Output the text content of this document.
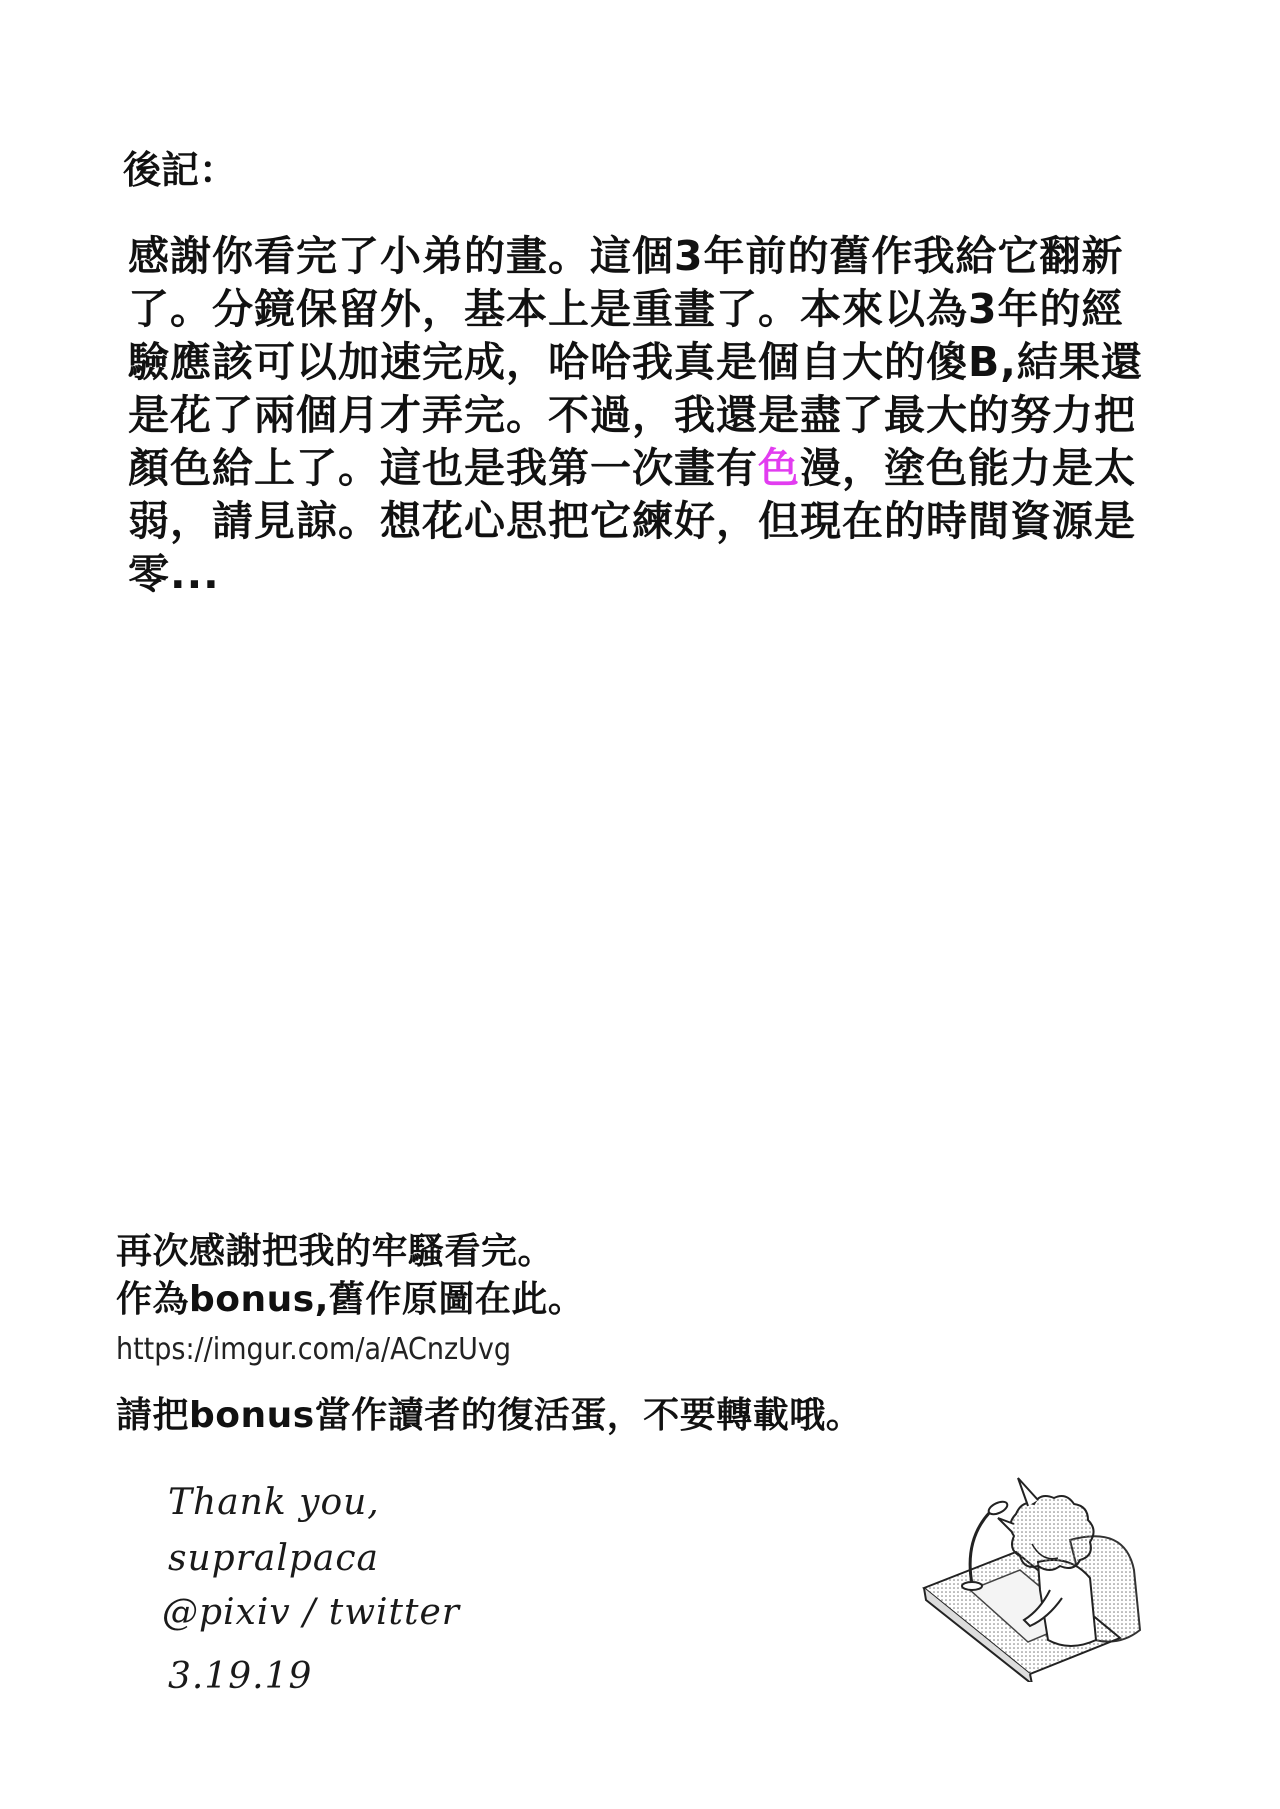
後記：
感謝你看完了小弟的畫。這個3年前的舊作我給它翻新
了。分鏡保留外，基本上是重畫了。本來以為3年的經
驗應該可以加速完成，哈哈我真是個自大的傻B,結果還
是花了兩個月才弄完。不過，我還是盡了最大的努力把
顏色給上了。這也是我第一次畫有色漫，塗色能力是太
弱，請見諒。想花心思把它練好，但現在的時間資源是
零...
再次感謝把我的牢騷看完。
作為bonus,舊作原圖在此。
https://imgur.com/a/ACnzUvg

請把bonus當作讀者的復活蛋，不要轉載哦。

Thank you,
supralpaca
@pixiv / twitter
3.19.19
